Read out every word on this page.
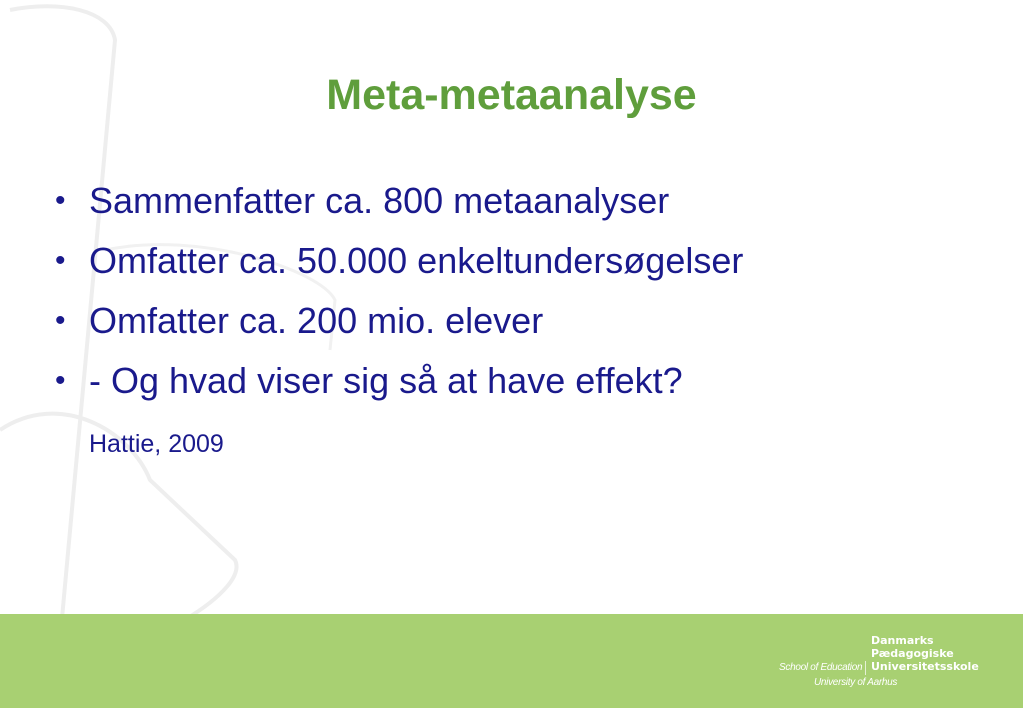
Meta-metaanalyse
• Sammenfatter ca. 800 metaanalyser
• Omfatter ca. 50.000 enkeltundersøgelser
• Omfatter ca. 200 mio. elever
• - Og hvad viser sig så at have effekt?
Hattie, 2009
Danmarks
Pædagogiske
Universitetsskole
School of Education
University of Aarhus
